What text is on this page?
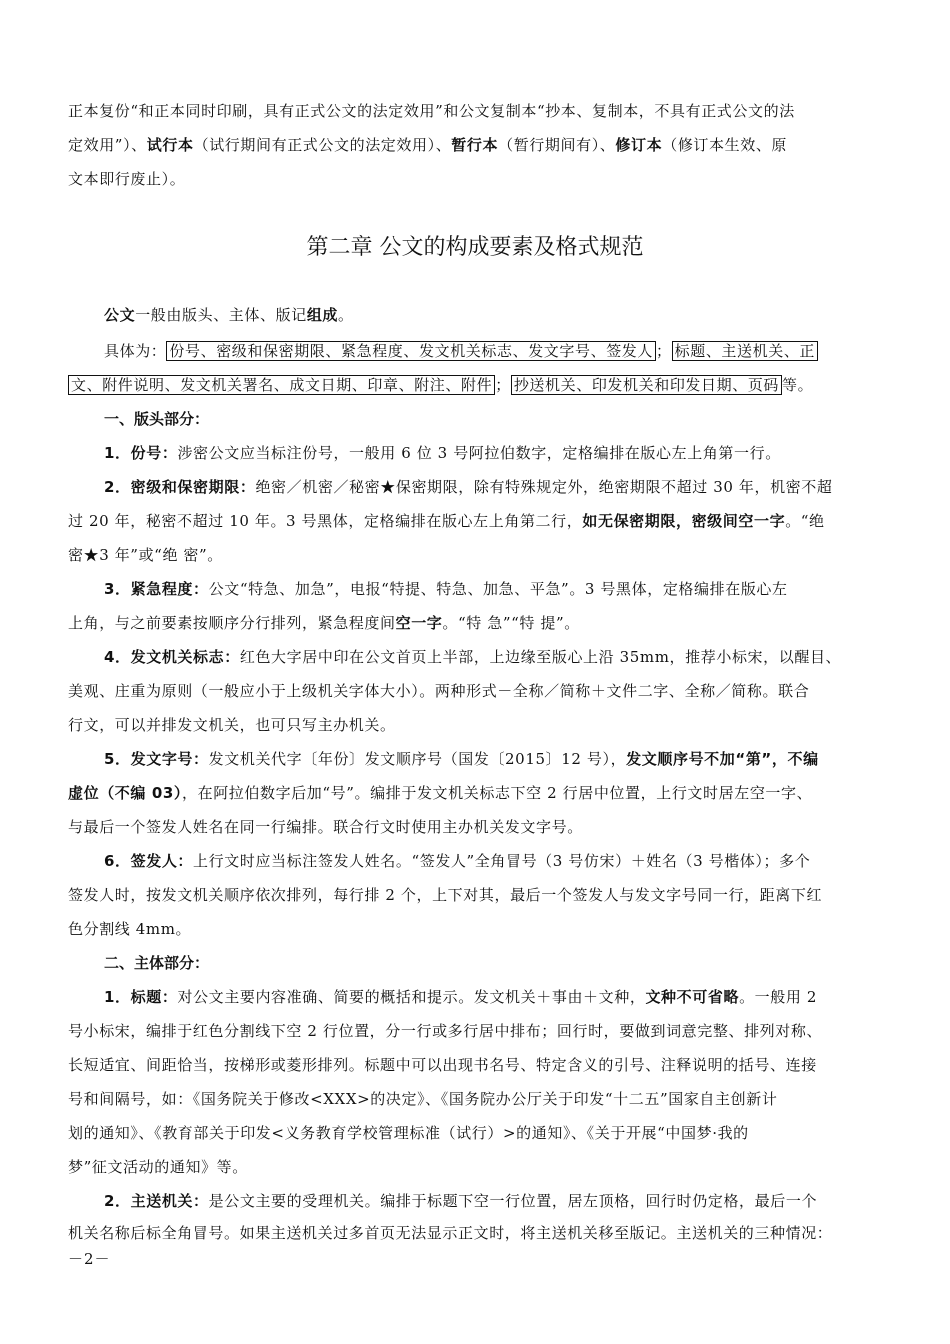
正本复份“和正本同时印刷，具有正式公文的法定效用”和公文复制本“抄本、复制本，不具有正式公文的法
定效用”）、试行本（试行期间有正式公文的法定效用）、暂行本（暂行期间有）、修订本（修订本生效、原
文本即行废止）。
第二章 公文的构成要素及格式规范
公文一般由版头、主体、版记组成。
具体为： 份号、密级和保密期限、紧急程度、发文机关标志、发文字号、签发人 ； 标题、主送机关、正
文、附件说明、发文机关署名、成文日期、印章、附注、附件 ； 抄送机关、印发机关和印发日期、页码 等。
一、版头部分：
1．份号：涉密公文应当标注份号，一般用 6 位 3 号阿拉伯数字，定格编排在版心左上角第一行。
2．密级和保密期限：绝密／机密／秘密★保密期限，除有特殊规定外，绝密期限不超过 30 年，机密不超
过 20 年，秘密不超过 10 年。3 号黑体，定格编排在版心左上角第二行，如无保密期限，密级间空一字。“绝
密★3 年”或“绝 密”。
3．紧急程度：公文“特急、加急”，电报“特提、特急、加急、平急”。3 号黑体，定格编排在版心左
上角，与之前要素按顺序分行排列，紧急程度间空一字。“特 急”“特 提”。
4．发文机关标志：红色大字居中印在公文首页上半部，上边缘至版心上沿 35mm，推荐小标宋，以醒目、
美观、庄重为原则（一般应小于上级机关字体大小）。两种形式－全称／简称＋文件二字、全称／简称。联合
行文，可以并排发文机关，也可只写主办机关。
5．发文字号：发文机关代字〔年份〕发文顺序号（国发〔2015〕12 号），发文顺序号不加“第”，不编
虚位（不编 03），在阿拉伯数字后加“号”。编排于发文机关标志下空 2 行居中位置，上行文时居左空一字、
与最后一个签发人姓名在同一行编排。联合行文时使用主办机关发文字号。
6．签发人：上行文时应当标注签发人姓名。“签发人”全角冒号（3 号仿宋）＋姓名（3 号楷体）；多个
签发人时，按发文机关顺序依次排列，每行排 2 个，上下对其，最后一个签发人与发文字号同一行，距离下红
色分割线 4mm。
二、主体部分：
1．标题：对公文主要内容准确、简要的概括和提示。发文机关＋事由＋文种，文种不可省略。一般用 2
号小标宋，编排于红色分割线下空 2 行位置，分一行或多行居中排布；回行时，要做到词意完整、排列对称、
长短适宜、间距恰当，按梯形或菱形排列。标题中可以出现书名号、特定含义的引号、注释说明的括号、连接
号和间隔号，如：《国务院关于修改<XXX>的决定》、《国务院办公厅关于印发“十二五”国家自主创新计
划的通知》、《教育部关于印发<义务教育学校管理标准（试行）>的通知》、《关于开展“中国梦·我的
梦”征文活动的通知》等。
2．主送机关：是公文主要的受理机关。编排于标题下空一行位置，居左顶格，回行时仍定格，最后一个
机关名称后标全角冒号。如果主送机关过多首页无法显示正文时，将主送机关移至版记。主送机关的三种情况：
－2－
